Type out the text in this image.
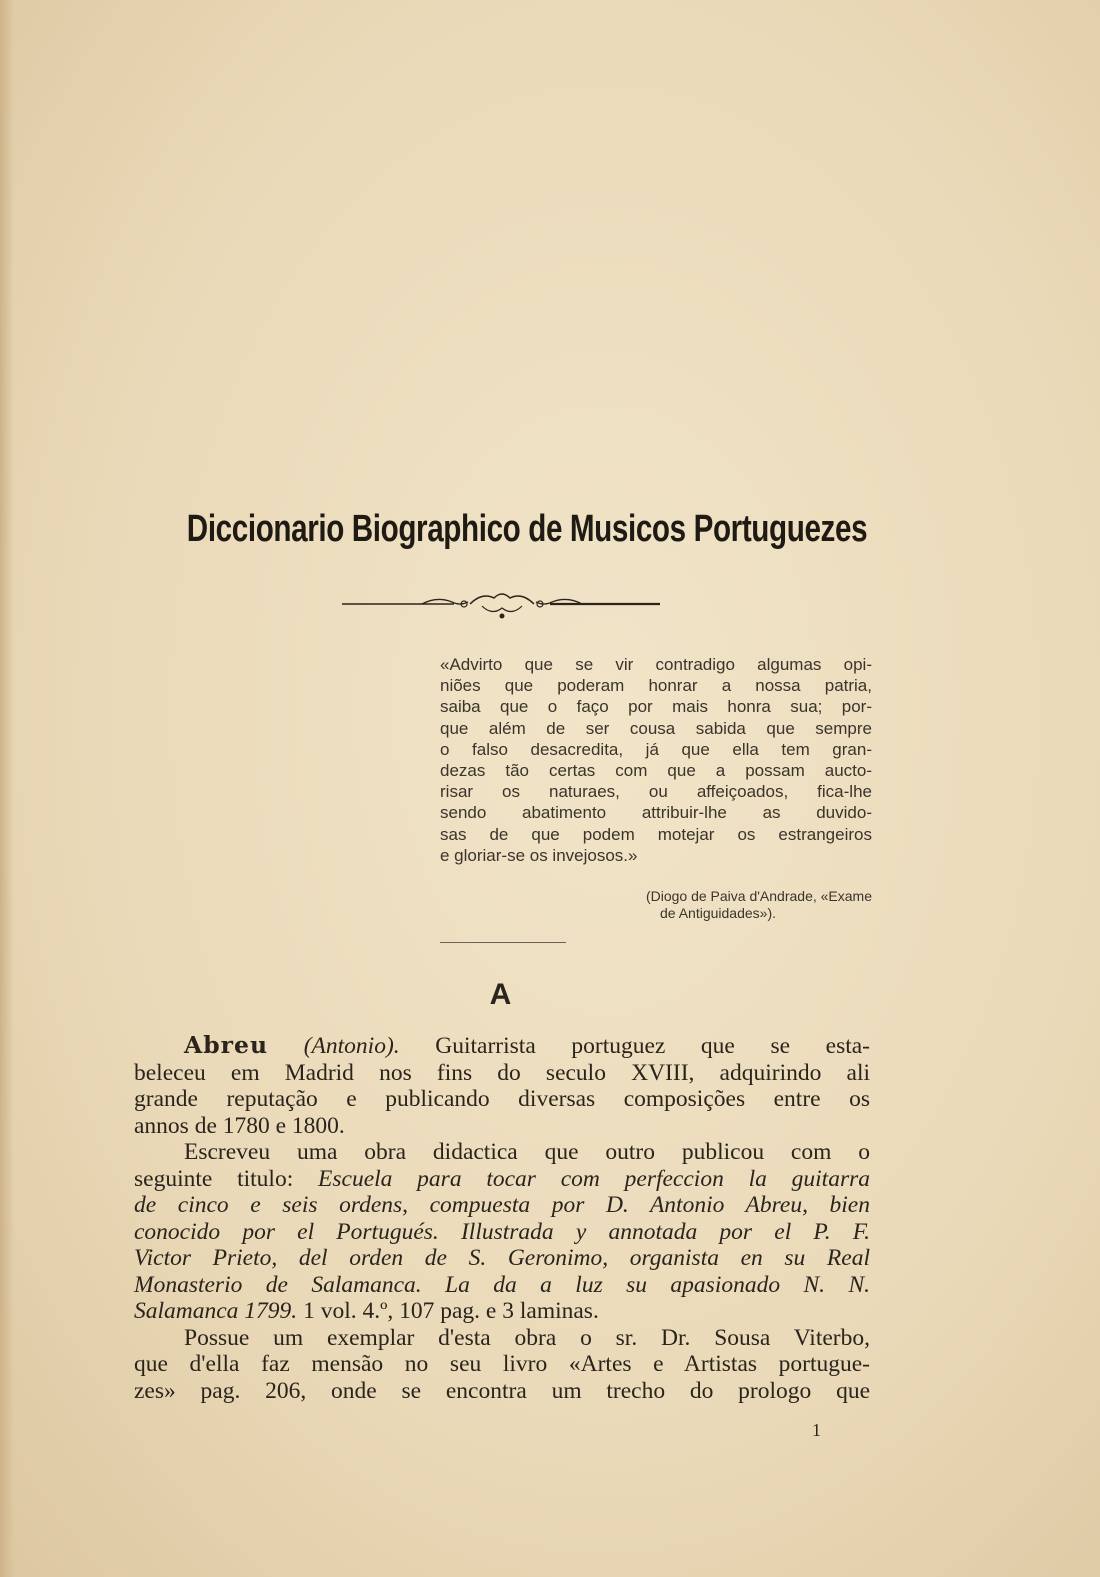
Diccionario Biographico de Musicos Portuguezes
«Advirto que se vir contradigo algumas opi-
niões que poderam honrar a nossa patria,
saiba que o faço por mais honra sua; por-
que além de ser cousa sabida que sempre
o falso desacredita, já que ella tem gran-
dezas tão certas com que a possam aucto-
risar os naturaes, ou affeiçoados, fica-lhe
sendo abatimento attribuir-lhe as duvido-
sas de que podem motejar os estrangeiros
e gloriar-se os invejosos.»
(Diogo de Paiva d'Andrade, «Exame
de Antiguidades»).
A
Abreu (Antonio). Guitarrista portuguez que se esta-
beleceu em Madrid nos fins do seculo XVIII, adquirindo ali
grande reputação e publicando diversas composições entre os
annos de 1780 e 1800.
Escreveu uma obra didactica que outro publicou com o
seguinte titulo: Escuela para tocar com perfeccion la guitarra
de cinco e seis ordens, compuesta por D. Antonio Abreu, bien
conocido por el Portugués. Illustrada y annotada por el P. F.
Victor Prieto, del orden de S. Geronimo, organista en su Real
Monasterio de Salamanca. La da a luz su apasionado N. N.
Salamanca 1799. 1 vol. 4.º, 107 pag. e 3 laminas.
Possue um exemplar d'esta obra o sr. Dr. Sousa Viterbo,
que d'ella faz mensão no seu livro «Artes e Artistas portugue-
zes» pag. 206, onde se encontra um trecho do prologo que
1
